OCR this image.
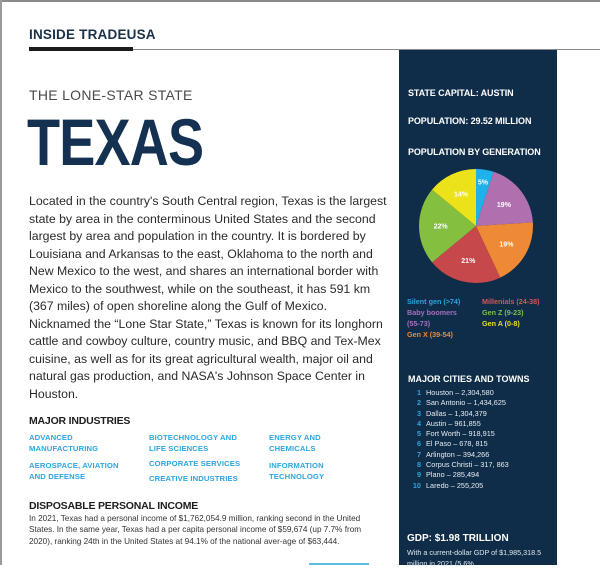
INSIDE TRADEUSA
THE LONE-STAR STATE
TEXAS
Located in the country's South Central region, Texas is the largest state by area in the conterminous United States and the second largest by area and population in the country. It is bordered by Louisiana and Arkansas to the east, Oklahoma to the north and New Mexico to the west, and shares an international border with Mexico to the southwest, while on the southeast, it has 591 km (367 miles) of open shoreline along the Gulf of Mexico. Nicknamed the “Lone Star State,” Texas is known for its longhorn cattle and cowboy culture, country music, and BBQ and Tex-Mex cuisine, as well as for its great agricultural wealth, major oil and natural gas production, and NASA's Johnson Space Center in Houston.
MAJOR INDUSTRIES
ADVANCED
MANUFACTURING
BIOTECHNOLOGY AND
LIFE SCIENCES
ENERGY AND
CHEMICALS
AEROSPACE, AVIATION
AND DEFENSE
CORPORATE SERVICES
CREATIVE INDUSTRIES
INFORMATION
TECHNOLOGY
DISPOSABLE PERSONAL INCOME
In 2021, Texas had a personal income of $1,762,054.9 million, ranking second in the United States. In the same year, Texas had a per capita personal income of $59,674 (up 7.7% from 2020), ranking 24th in the United States at 94.1% of the national aver-age of $63,444.
STATE CAPITAL: AUSTIN
POPULATION: 29.52 MILLION
POPULATION BY GENERATION
5%
19%
19%
21%
22%
14%
Silent gen (>74)
Baby boomers
(55-73)
Gen X (39-54)
Millenials (24-38)
Gen Z (9-23)
Gen A (0-8)
MAJOR CITIES AND TOWNS
1 Houston – 2,304,580
2 San Antonio – 1,434,625
3 Dallas – 1,304,379
4 Austin – 961,855
5 Fort Worth – 918,915
6 El Paso – 678, 815
7 Arlington – 394,266
8 Corpus Christi – 317, 863
9 Plano – 285,494
10 Laredo – 255,205
GDP: $1.98 TRILLION
With a current-dollar GDP of $1,985,318.5 million in 2021 (5.6%
